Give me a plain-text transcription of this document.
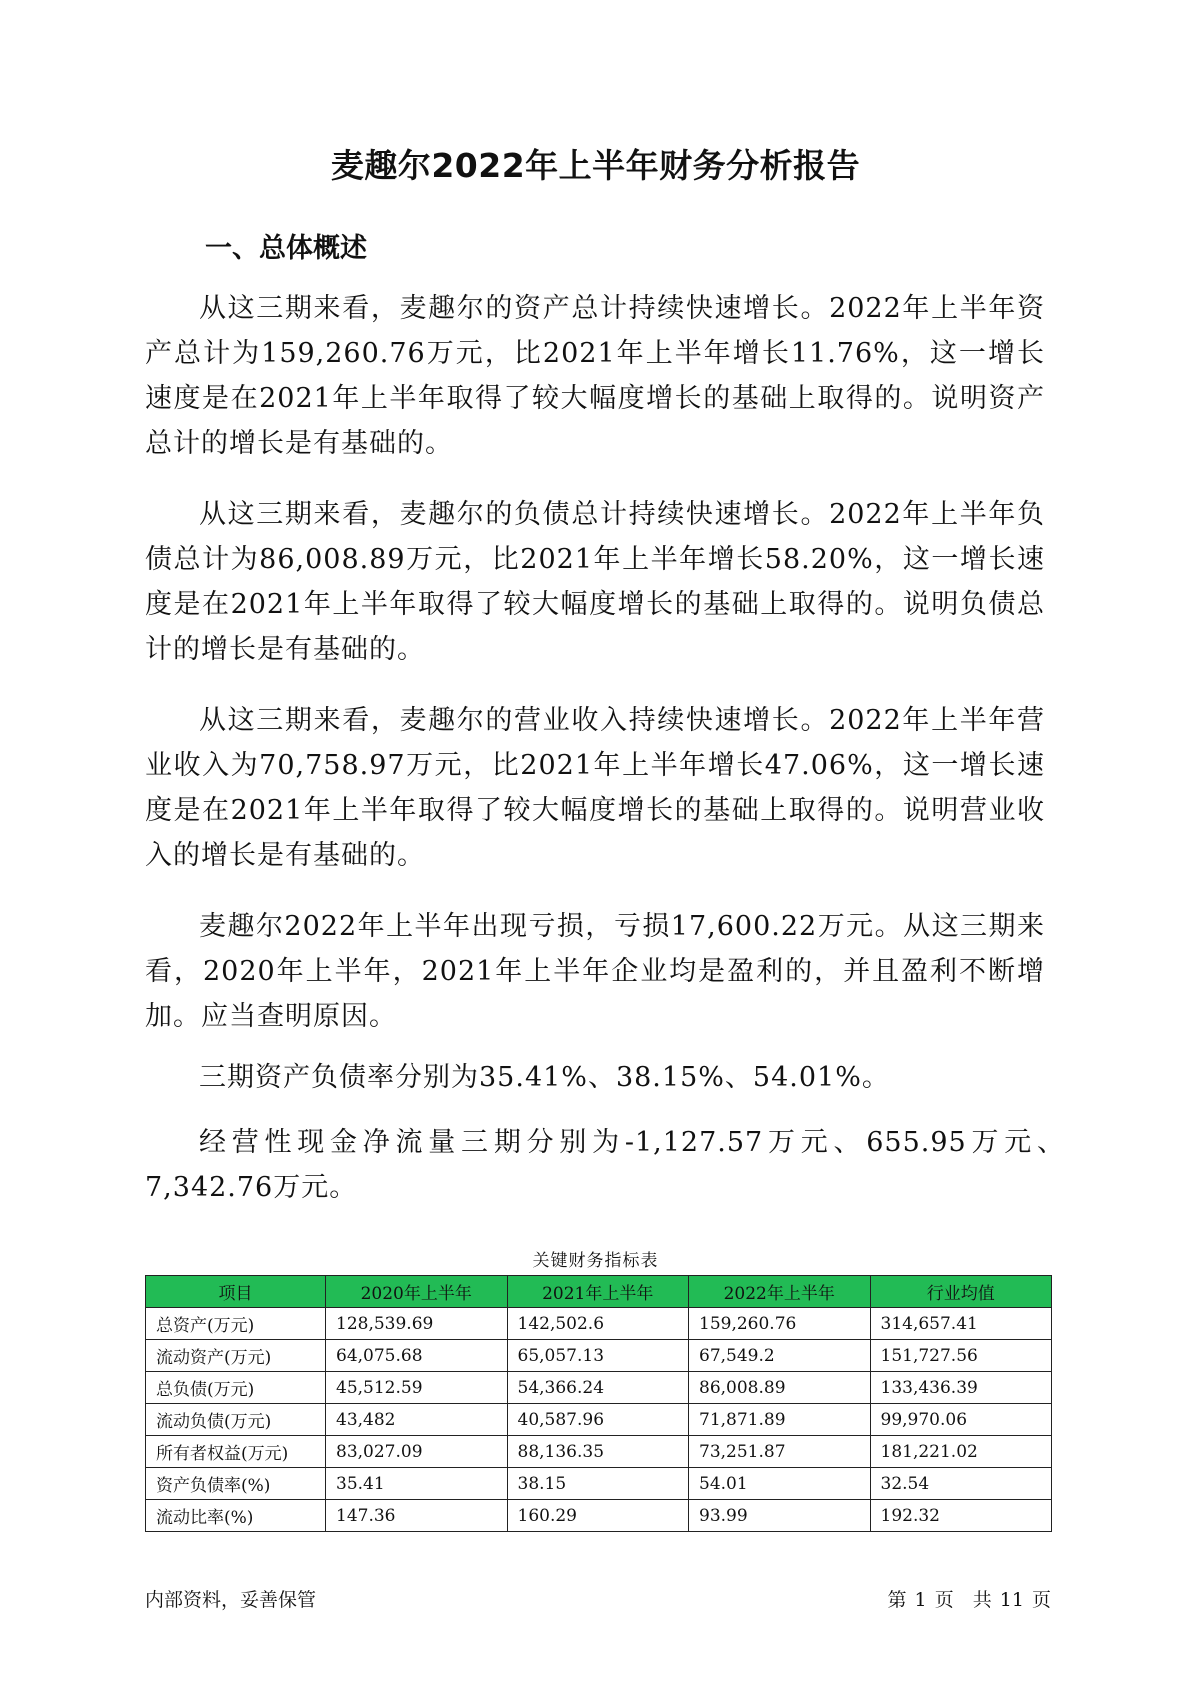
麦趣尔2022年上半年财务分析报告
一、总体概述

从这三期来看，麦趣尔的资产总计持续快速增长。2022年上半年资产总计为159,260.76万元，比2021年上半年增长11.76%，这一增长速度是在2021年上半年取得了较大幅度增长的基础上取得的。说明资产总计的增长是有基础的。

从这三期来看，麦趣尔的负债总计持续快速增长。2022年上半年负债总计为86,008.89万元，比2021年上半年增长58.20%，这一增长速度是在2021年上半年取得了较大幅度增长的基础上取得的。说明负债总计的增长是有基础的。

从这三期来看，麦趣尔的营业收入持续快速增长。2022年上半年营业收入为70,758.97万元，比2021年上半年增长47.06%，这一增长速度是在2021年上半年取得了较大幅度增长的基础上取得的。说明营业收入的增长是有基础的。

麦趣尔2022年上半年出现亏损，亏损17,600.22万元。从这三期来看，2020年上半年，2021年上半年企业均是盈利的，并且盈利不断增加。应当查明原因。

三期资产负债率分别为35.41%、38.15%、54.01%。

经营性现金净流量三期分别为-1,127.57万元、655.95万元、7,342.76万元。

关键财务指标表

项目	2020年上半年	2021年上半年	2022年上半年	行业均值
总资产(万元)	128,539.69	142,502.6	159,260.76	314,657.41
流动资产(万元)	64,075.68	65,057.13	67,549.2	151,727.56
总负债(万元)	45,512.59	54,366.24	86,008.89	133,436.39
流动负债(万元)	43,482	40,587.96	71,871.89	99,970.06
所有者权益(万元)	83,027.09	88,136.35	73,251.87	181,221.02
资产负债率(%)	35.41	38.15	54.01	32.54
流动比率(%)	147.36	160.29	93.99	192.32

内部资料，妥善保管	第 1 页　共 11 页
